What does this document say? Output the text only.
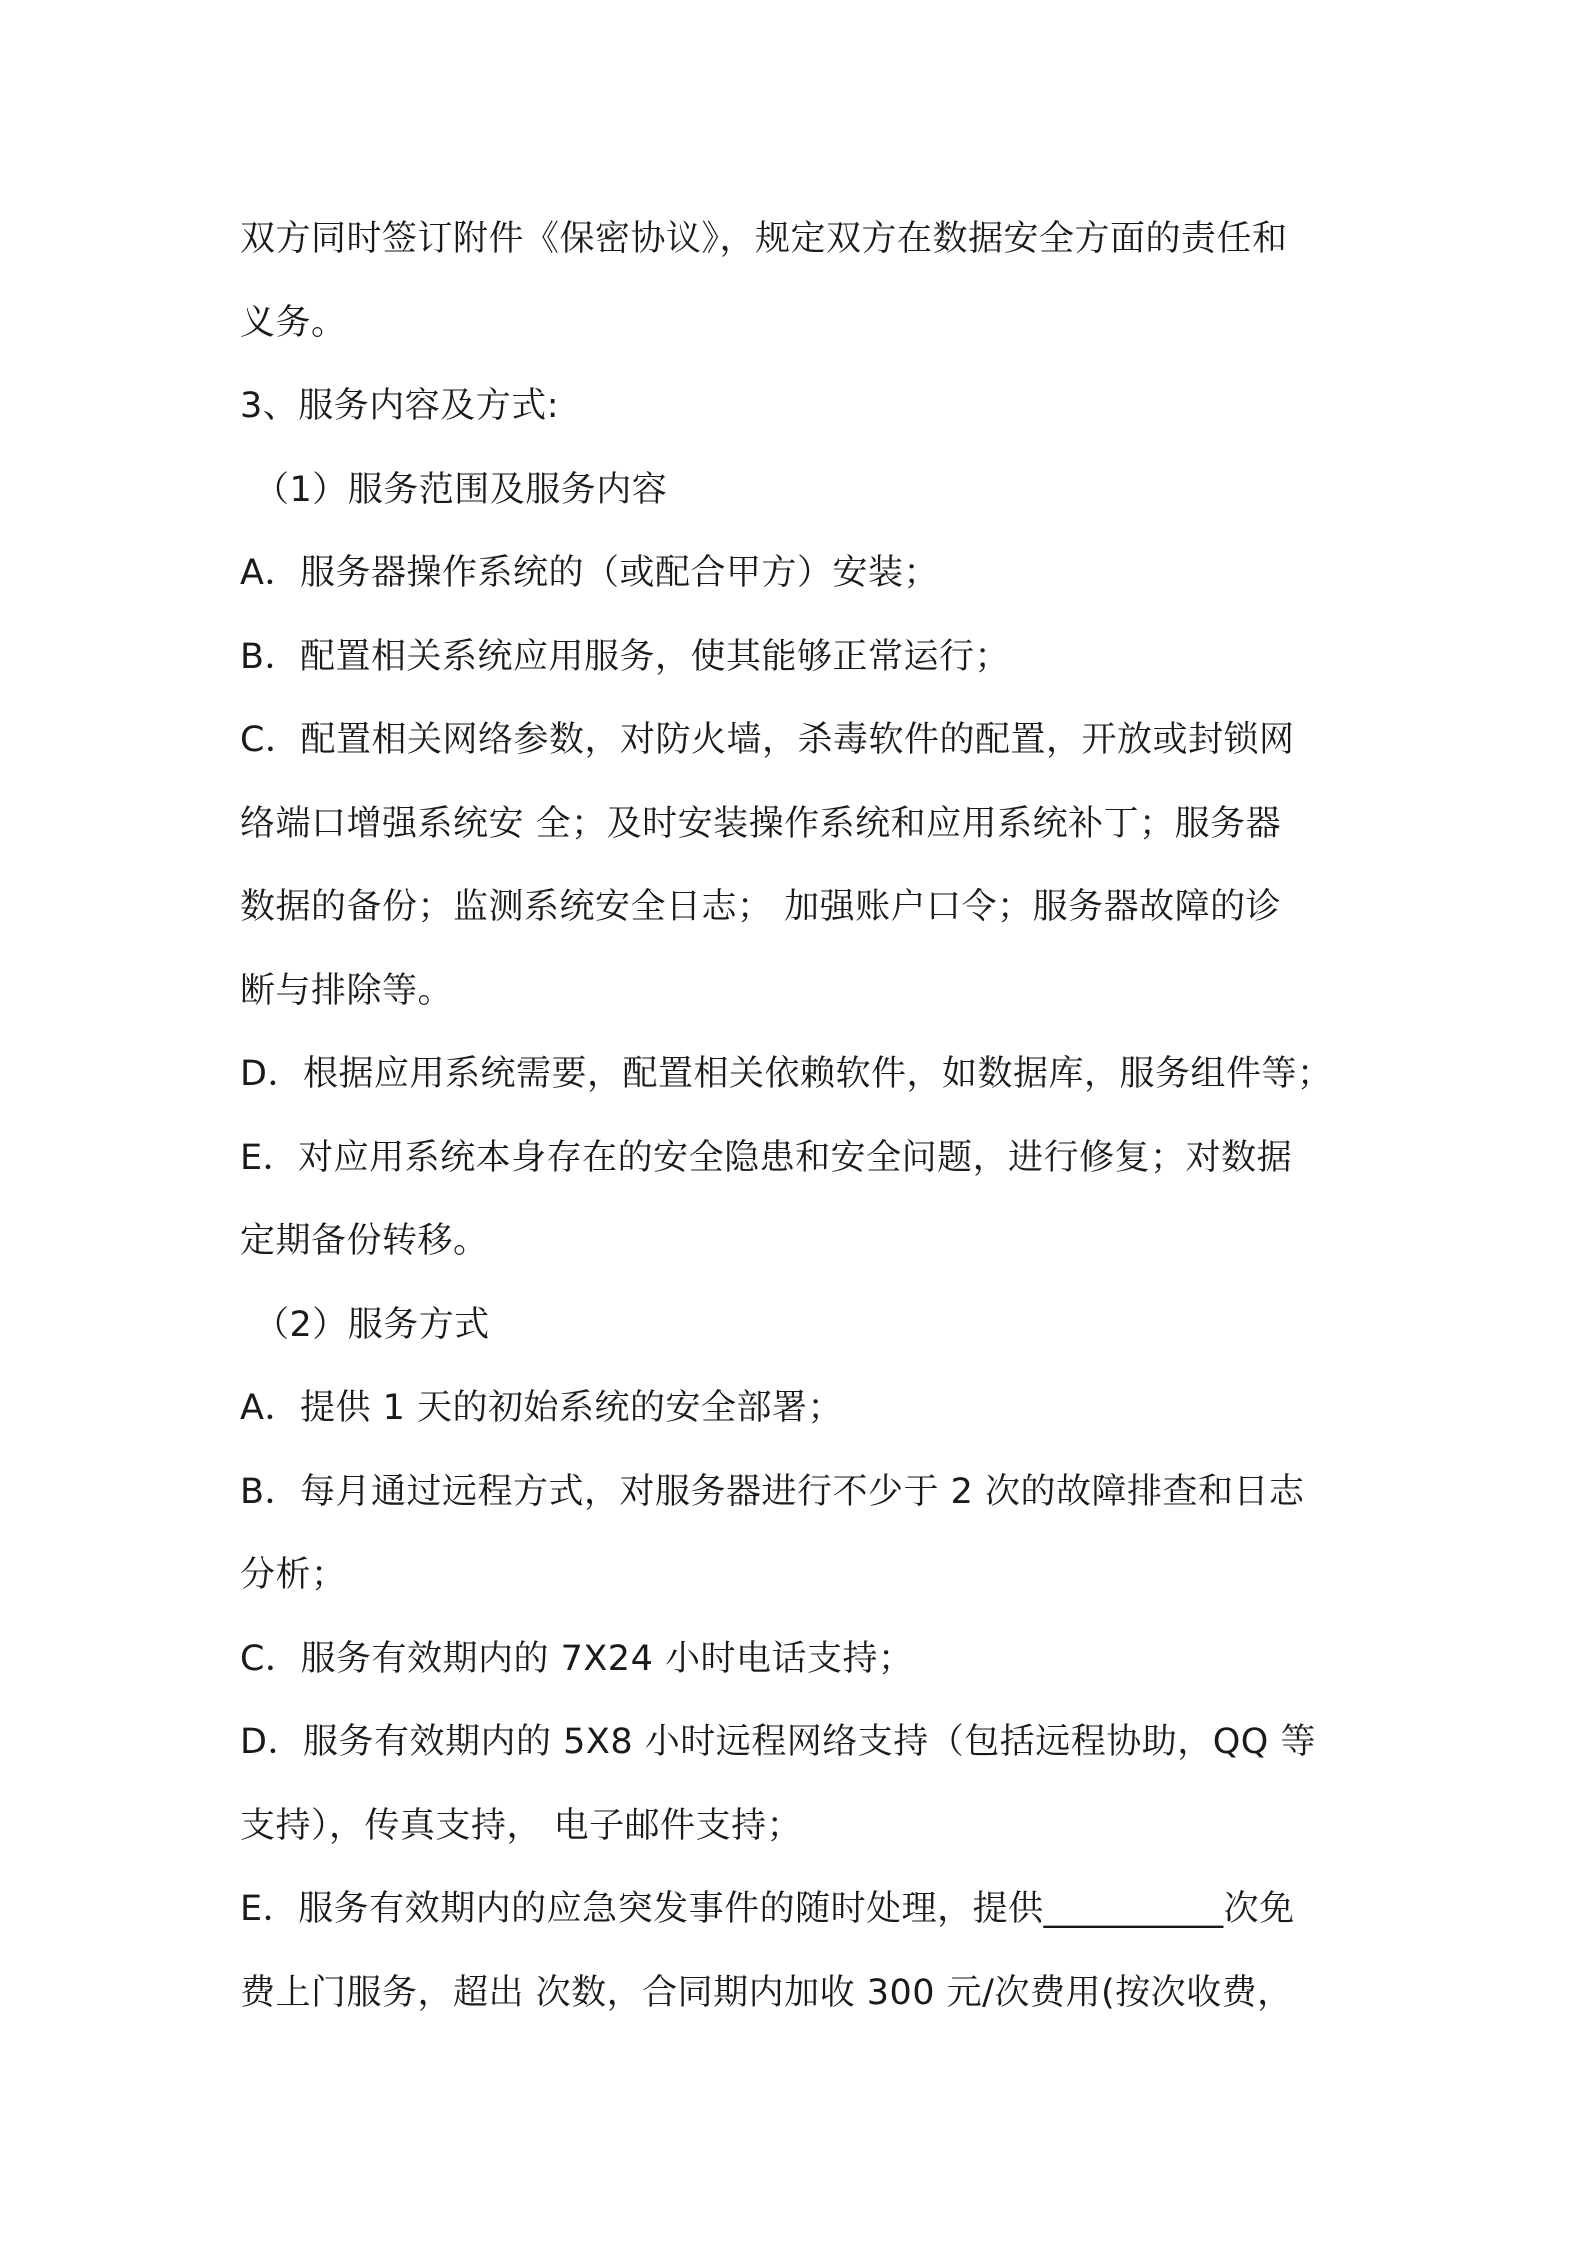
双方同时签订附件《保密协议》，规定双方在数据安全方面的责任和
义务。
3、服务内容及方式:
（1）服务范围及服务内容
A．服务器操作系统的（或配合甲方）安装；
B．配置相关系统应用服务，使其能够正常运行；
C．配置相关网络参数，对防火墙，杀毒软件的配置，开放或封锁网
络端口增强系统安 全；及时安装操作系统和应用系统补丁；服务器
数据的备份；监测系统安全日志； 加强账户口令；服务器故障的诊
断与排除等。
D．根据应用系统需要，配置相关依赖软件，如数据库，服务组件等；
E．对应用系统本身存在的安全隐患和安全问题，进行修复；对数据
定期备份转移。
（2）服务方式
A．提供 1 天的初始系统的安全部署；
B．每月通过远程方式，对服务器进行不少于 2 次的故障排查和日志
分析；
C．服务有效期内的 7X24 小时电话支持；
D．服务有效期内的 5X8 小时远程网络支持（包括远程协助，QQ 等
支持），传真支持， 电子邮件支持；
E．服务有效期内的应急突发事件的随时处理，提供__________次免
费上门服务，超出 次数，合同期内加收 300 元/次费用(按次收费，
